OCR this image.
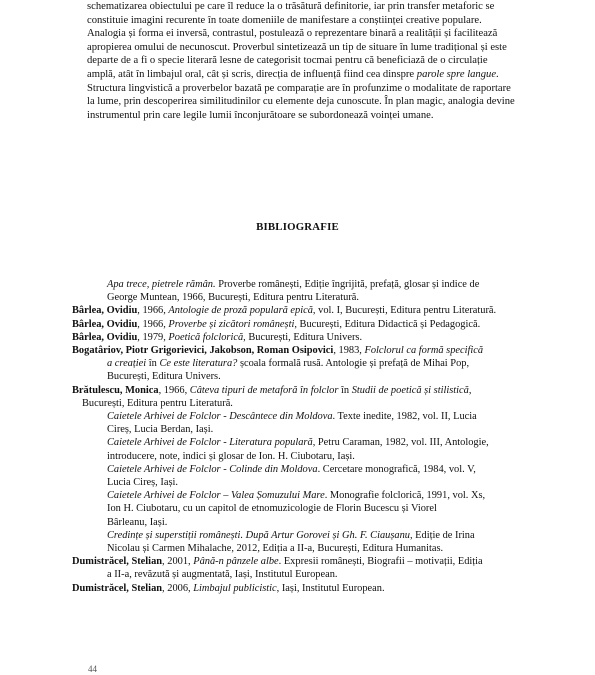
schematizarea obiectului pe care îl reduce la o trăsătură definitorie, iar prin transfer metaforic se

constituie imagini recurente în toate domeniile de manifestare a conștiinței creative populare.

Analogia și forma ei inversă, contrastul, postulează o reprezentare binară a realității și facilitează

apropierea omului de necunoscut. Proverbul sintetizează un tip de situare în lume tradițional și este

departe de a fi o specie literară lesne de categorisit tocmai pentru că beneficiază de o circulație

amplă, atât în limbajul oral, cât și scris, direcția de influență fiind cea dinspre parole spre langue.

Structura lingvistică a proverbelor bazată pe comparație are în profunzime o modalitate de raportare

la lume, prin descoperirea similitudinilor cu elemente deja cunoscute. În plan magic, analogia devine

instrumentul prin care legile lumii înconjurătoare se subordonează voinței umane.

BIBLIOGRAFIE
Apa trece, pietrele rămân. Proverbe românești, Ediție îngrijită, prefață, glosar și indice de
George Muntean, 1966, București, Editura pentru Literatură.
Bârlea, Ovidiu, 1966, Antologie de proză populară epică, vol. I, București, Editura pentru Literatură.
Bârlea, Ovidiu, 1966, Proverbe și zicători românești, București, Editura Didactică și Pedagogică.
Bârlea, Ovidiu, 1979, Poetică folclorică, București, Editura Univers.
Bogatâriov, Piotr Grigorievici, Jakobson, Roman Osipovici, 1983, Folclorul ca formă specifică
a creației în Ce este literatura? școala formală rusă. Antologie și prefață de Mihai Pop,
București, Editura Univers.
Brătulescu, Monica, 1966, Câteva tipuri de metaforă în folclor în Studii de poetică și stilistică,
București, Editura pentru Literatură.
Caietele Arhivei de Folclor - Descântece din Moldova. Texte inedite, 1982, vol. II, Lucia
Cireș, Lucia Berdan, Iași.
Caietele Arhivei de Folclor - Literatura populară, Petru Caraman, 1982, vol. III, Antologie,
introducere, note, indici și glosar de Ion. H. Ciubotaru, Iași.
Caietele Arhivei de Folclor - Colinde din Moldova. Cercetare monografică, 1984, vol. V,
Lucia Cireș, Iași.
Caietele Arhivei de Folclor – Valea Șomuzului Mare. Monografie folclorică, 1991, vol. Xs,
Ion H. Ciubotaru, cu un capitol de etnomuzicologie de Florin Bucescu și Viorel
Bârleanu, Iași.
Credințe și superstiții românești. După Artur Gorovei și Gh. F. Ciaușanu, Ediție de Irina
Nicolau și Carmen Mihalache, 2012, Ediția a II-a, București, Editura Humanitas.
Dumistrăcel, Stelian, 2001, Până-n pânzele albe. Expresii românești, Biografii – motivații, Ediția
a II-a, revăzută și augmentată, Iași, Institutul European.
Dumistrăcel, Stelian, 2006, Limbajul publicistic, Iași, Institutul European.
44
